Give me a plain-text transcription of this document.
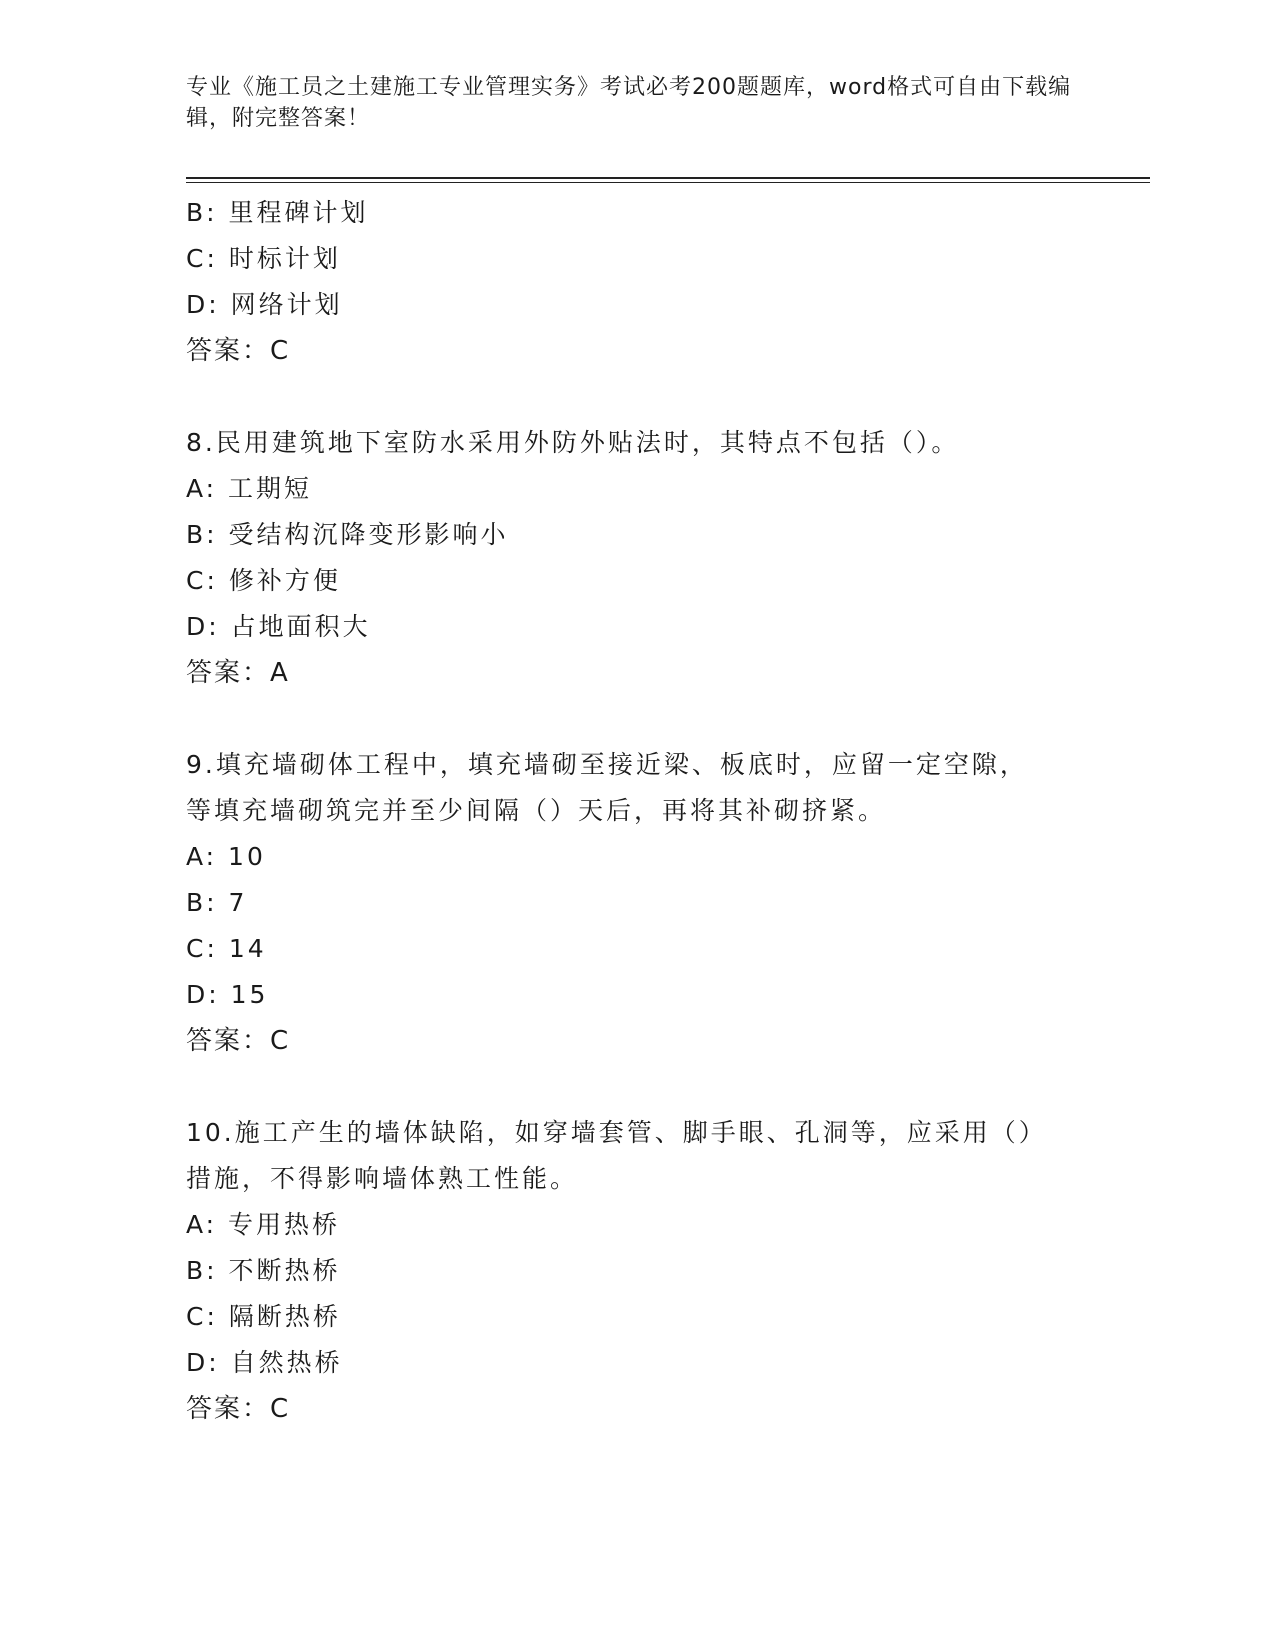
专业《施工员之土建施工专业管理实务》考试必考200题题库，word格式可自由下载编辑，附完整答案！
B: 里程碑计划
C: 时标计划
D: 网络计划
答案：C
8.民用建筑地下室防水采用外防外贴法时，其特点不包括（）。
A: 工期短
B: 受结构沉降变形影响小
C: 修补方便
D: 占地面积大
答案：A
9.填充墙砌体工程中，填充墙砌至接近梁、板底时，应留一定空隙，
等填充墙砌筑完并至少间隔（）天后，再将其补砌挤紧。
A: 10
B: 7
C: 14
D: 15
答案：C
10.施工产生的墙体缺陷，如穿墙套管、脚手眼、孔洞等，应采用（）
措施，不得影响墙体熟工性能。
A: 专用热桥
B: 不断热桥
C: 隔断热桥
D: 自然热桥
答案：C
